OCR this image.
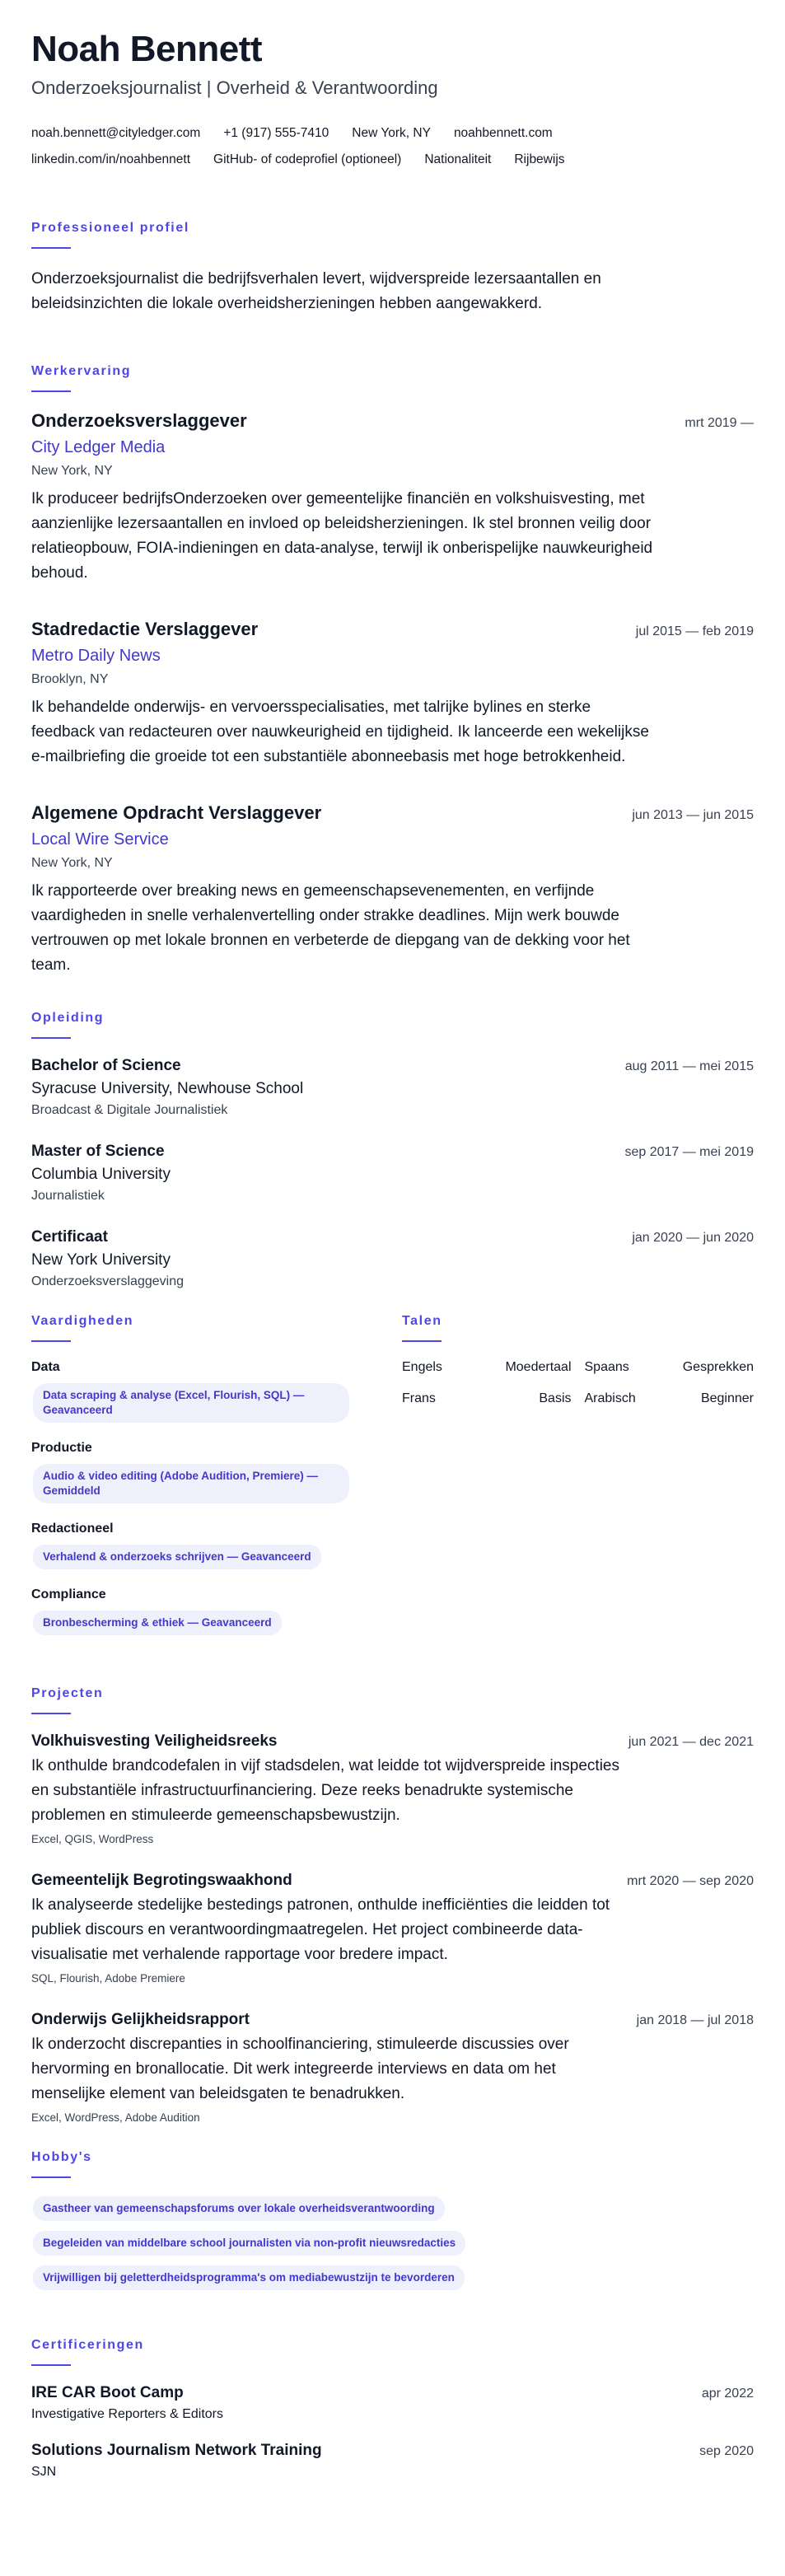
Noah Bennett
Onderzoeksjournalist | Overheid & Verantwoording
noah.bennett@cityledger.com +1 (917) 555-7410 New York, NY noahbennett.com
linkedin.com/in/noahbennett GitHub- of codeprofiel (optioneel) Nationaliteit Rijbewijs
Professioneel profiel
Onderzoeksjournalist die bedrijfsverhalen levert, wijdverspreide lezersaantallen en beleidsinzichten die lokale overheidsherzieningen hebben aangewakkerd.
Werkervaring
Onderzoeksverslaggever	mrt 2019 —
City Ledger Media
New York, NY
Ik produceer bedrijfsOnderzoeken over gemeentelijke financiën en volkshuisvesting, met aanzienlijke lezersaantallen en invloed op beleidsherzieningen. Ik stel bronnen veilig door relatieopbouw, FOIA-indieningen en data-analyse, terwijl ik onberispelijke nauwkeurigheid behoud.
Stadredactie Verslaggever	jul 2015 — feb 2019
Metro Daily News
Brooklyn, NY
Ik behandelde onderwijs- en vervoersspecialisaties, met talrijke bylines en sterke feedback van redacteuren over nauwkeurigheid en tijdigheid. Ik lanceerde een wekelijkse e-mailbriefing die groeide tot een substantiële abonneebasis met hoge betrokkenheid.
Algemene Opdracht Verslaggever	jun 2013 — jun 2015
Local Wire Service
New York, NY
Ik rapporteerde over breaking news en gemeenschapsevenementen, en verfijnde vaardigheden in snelle verhalenvertelling onder strakke deadlines. Mijn werk bouwde vertrouwen op met lokale bronnen en verbeterde de diepgang van de dekking voor het team.
Opleiding
Bachelor of Science	aug 2011 — mei 2015
Syracuse University, Newhouse School
Broadcast & Digitale Journalistiek
Master of Science	sep 2017 — mei 2019
Columbia University
Journalistiek
Certificaat	jan 2020 — jun 2020
New York University
Onderzoeksverslaggeving
Vaardigheden
Data
Data scraping & analyse (Excel, Flourish, SQL) — Geavanceerd
Productie
Audio & video editing (Adobe Audition, Premiere) — Gemiddeld
Redactioneel
Verhalend & onderzoeks schrijven — Geavanceerd
Compliance
Bronbescherming & ethiek — Geavanceerd
Talen
Engels	Moedertaal Spaans	Gesprekken
Frans	Basis Arabisch	Beginner
Projecten
Volkhuisvesting Veiligheidsreeks	jun 2021 — dec 2021
Ik onthulde brandcodefalen in vijf stadsdelen, wat leidde tot wijdverspreide inspecties en substantiële infrastructuurfinanciering. Deze reeks benadrukte systemische problemen en stimuleerde gemeenschapsbewustzijn.
Excel, QGIS, WordPress
Gemeentelijk Begrotingswaakhond	mrt 2020 — sep 2020
Ik analyseerde stedelijke bestedings patronen, onthulde inefficiënties die leidden tot publiek discours en verantwoordingmaatregelen. Het project combineerde data-visualisatie met verhalende rapportage voor bredere impact.
SQL, Flourish, Adobe Premiere
Onderwijs Gelijkheidsrapport	jan 2018 — jul 2018
Ik onderzocht discrepanties in schoolfinanciering, stimuleerde discussies over hervorming en bronallocatie. Dit werk integreerde interviews en data om het menselijke element van beleidsgaten te benadrukken.
Excel, WordPress, Adobe Audition
Hobby's
Gastheer van gemeenschapsforums over lokale overheidsverantwoording
Begeleiden van middelbare school journalisten via non-profit nieuwsredacties
Vrijwilligen bij geletterdheidsprogramma's om mediabewustzijn te bevorderen
Certificeringen
IRE CAR Boot Camp	apr 2022
Investigative Reporters & Editors
Solutions Journalism Network Training	sep 2020
SJN
